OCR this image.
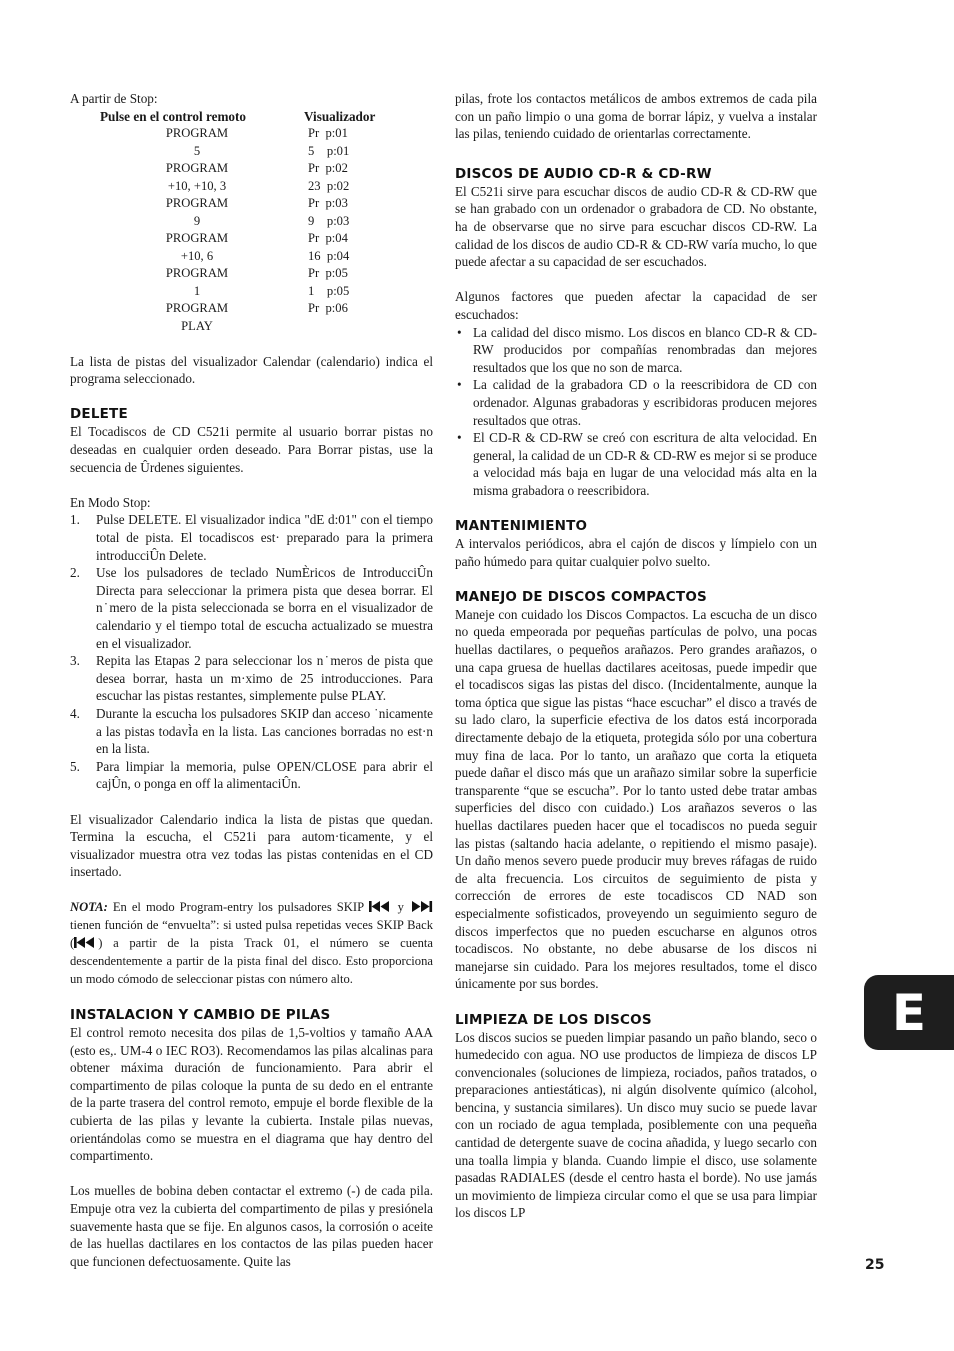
A partir de Stop:

Pulse en el control remoto	Visualizador
PROGRAM	Pr  p:01
5	5    p:01
PROGRAM	Pr  p:02
+10, +10, 3	23  p:02
PROGRAM	Pr  p:03
9	9    p:03
PROGRAM	Pr  p:04
+10, 6	16  p:04
PROGRAM	Pr  p:05
1	1    p:05
PROGRAM	Pr  p:06
PLAY	

La lista de pistas del visualizador Calendar (calendario) indica el programa seleccionado.

DELETE

El Tocadiscos de CD C521i permite al usuario borrar pistas no deseadas en cualquier orden deseado. Para Borrar pistas, use la secuencia de Ûrdenes siguientes.

En Modo Stop:

1. Pulse DELETE. El visualizador indica "dE d:01" con el tiempo total de pista. El tocadiscos est· preparado para la primera introducciÛn Delete.
2. Use los pulsadores de teclado NumÈricos de IntroducciÛn Directa para seleccionar la primera pista que desea borrar. El n˙mero de la pista seleccionada se borra en el visualizador de calendario y el tiempo total de escucha actualizado se muestra en el visualizador.
3. Repita las Etapas 2 para seleccionar los n˙meros de pista que desea borrar, hasta un m·ximo de 25 introducciones. Para escuchar las pistas restantes, simplemente pulse PLAY.
4. Durante la escucha los pulsadores SKIP dan acceso ˙nicamente a las pistas todavÌa en la lista. Las canciones borradas no est·n en la lista.
5. Para limpiar la memoria, pulse OPEN/CLOSE para abrir el cajÛn, o ponga en off la alimentaciÛn.

El visualizador Calendario indica la lista de pistas que quedan. Termina la escucha, el C521i para autom·ticamente, y el visualizador muestra otra vez todas las pistas contenidas en el CD insertado.

NOTA: En el modo Program-entry los pulsadores SKIP  y  tienen función de “envuelta”: si usted pulsa repetidas veces SKIP Back ( ) a partir de la pista Track 01, el número se cuenta descendentemente a partir de la pista final del disco. Esto proporciona un modo cómodo de seleccionar pistas con número alto.

INSTALACION Y CAMBIO DE PILAS

El control remoto necesita dos pilas de 1,5-voltios y tamaño AAA (esto es,. UM-4 o IEC RO3). Recomendamos las pilas alcalinas para obtener máxima duración de funcionamiento. Para abrir el compartimento de pilas coloque la punta de su dedo en el entrante de la parte trasera del control remoto, empuje el borde flexible de la cubierta de las pilas y levante la cubierta. Instale pilas nuevas, orientándolas como se muestra en el diagrama que hay dentro del compartimento.

Los muelles de bobina deben contactar el extremo (-) de cada pila. Empuje otra vez la cubierta del compartimento de pilas y presiónela suavemente hasta que se fije. En algunos casos, la corrosión o aceite de las huellas dactilares en los contactos de las pilas pueden hacer que funcionen defectuosamente. Quite las

pilas, frote los contactos metálicos de ambos extremos de cada pila con un paño limpio o una goma de borrar lápiz, y vuelva a instalar las pilas, teniendo cuidado de orientarlas correctamente.

DISCOS DE AUDIO CD-R & CD-RW

El C521i sirve para escuchar discos de audio CD-R & CD-RW que se han grabado con un ordenador o grabadora de CD. No obstante, ha de observarse que no sirve para escuchar discos CD-RW. La calidad de los discos de audio CD-R & CD-RW varía mucho, lo que puede afectar a su capacidad de ser escuchados.

Algunos factores que pueden afectar la capacidad de ser escuchados:

• La calidad del disco mismo. Los discos en blanco CD-R & CD-RW producidos por compañías renombradas dan mejores resultados que los que no son de marca.
• La calidad de la grabadora CD o la reescribidora de CD con ordenador. Algunas grabadoras y escribidoras producen mejores resultados que otras.
• El CD-R & CD-RW se creó con escritura de alta velocidad. En general, la calidad de un CD-R & CD-RW es mejor si se produce a velocidad más baja en lugar de una velocidad más alta en la misma grabadora o reescribidora.
MANTENIMIENTO

A intervalos periódicos, abra el cajón de discos y límpielo con un paño húmedo para quitar cualquier polvo suelto.

MANEJO DE DISCOS COMPACTOS

Maneje con cuidado los Discos Compactos. La escucha de un disco no queda empeorada por pequeñas partículas de polvo, una pocas huellas dactilares, o pequeños arañazos. Pero grandes arañazos, o una capa gruesa de huellas dactilares aceitosas, puede impedir que el tocadiscos sigas las pistas del disco. (Incidentalmente, aunque la toma óptica que sigue las pistas “hace escuchar” el disco a través de su lado claro, la superficie efectiva de los datos está incorporada directamente debajo de la etiqueta, protegida sólo por una cobertura muy fina de laca. Por lo tanto, un arañazo que corta la etiqueta puede dañar el disco más que un arañazo similar sobre la superficie transparente “que se escucha”. Por lo tanto usted debe tratar ambas superficies del disco con cuidado.) Los arañazos severos o las huellas dactilares pueden hacer que el tocadiscos no pueda seguir las pistas (saltando hacia adelante, o repitiendo el mismo pasaje). Un daño menos severo puede producir muy breves ráfagas de ruido de alta frecuencia. Los circuitos de seguimiento de pista y corrección de errores de este tocadiscos CD NAD son especialmente sofisticados, proveyendo un seguimiento seguro de discos imperfectos que no pueden escucharse en algunos otros tocadiscos. No obstante, no debe abusarse de los discos ni manejarse sin cuidado. Para los mejores resultados, tome el disco únicamente por sus bordes.

LIMPIEZA DE LOS DISCOS

Los discos sucios se pueden limpiar pasando un paño blando, seco o humedecido con agua. NO use productos de limpieza de discos LP convencionales (soluciones de limpieza, rociados, paños tratados, o preparaciones antiestáticas), ni algún disolvente químico (alcohol, bencina, y sustancia similares). Un disco muy sucio se puede lavar con un rociado de agua templada, posiblemente con una pequeña cantidad de detergente suave de cocina añadida, y luego secarlo con una toalla limpia y blanda. Cuando limpie el disco, use solamente pasadas RADIALES (desde el centro hasta el borde). No use jamás un movimiento de limpieza circular como el que se usa para limpiar los discos LP

E
25
